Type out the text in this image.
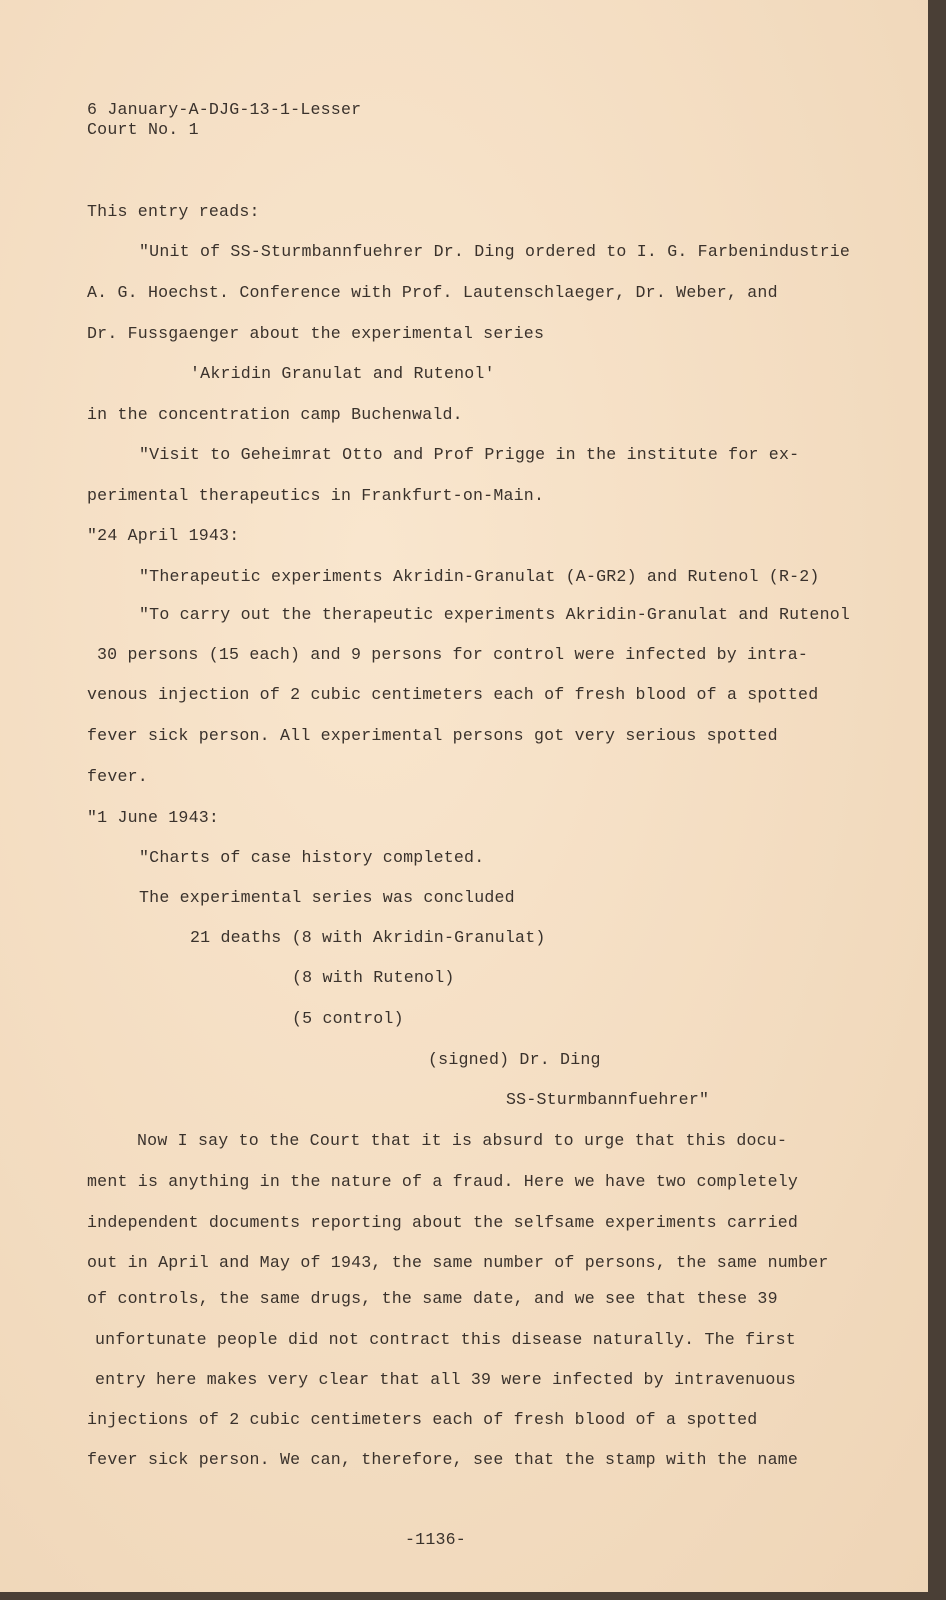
6 January-A-DJG-13-1-Lesser
Court No. 1
This entry reads:
"Unit of SS-Sturmbannfuehrer Dr. Ding ordered to I. G. Farbenindustrie
A. G. Hoechst. Conference with Prof. Lautenschlaeger, Dr. Weber, and
Dr. Fussgaenger about the experimental series
'Akridin Granulat and Rutenol'
in the concentration camp Buchenwald.
"Visit to Geheimrat Otto and Prof Prigge in the institute for ex-
perimental therapeutics in Frankfurt-on-Main.
"24 April 1943:
"Therapeutic experiments Akridin-Granulat (A-GR2) and Rutenol (R-2)
"To carry out the therapeutic experiments Akridin-Granulat and Rutenol
30 persons (15 each) and 9 persons for control were infected by intra-
venous injection of 2 cubic centimeters each of fresh blood of a spotted
fever sick person. All experimental persons got very serious spotted
fever.
"1 June 1943:
"Charts of case history completed.
The experimental series was concluded
21 deaths (8 with Akridin-Granulat)
(8 with Rutenol)
(5 control)
(signed) Dr. Ding
SS-Sturmbannfuehrer"
Now I say to the Court that it is absurd to urge that this docu-
ment is anything in the nature of a fraud. Here we have two completely
independent documents reporting about the selfsame experiments carried
out in April and May of 1943, the same number of persons, the same number
of controls, the same drugs, the same date, and we see that these 39
unfortunate people did not contract this disease naturally. The first
entry here makes very clear that all 39 were infected by intravenuous
injections of 2 cubic centimeters each of fresh blood of a spotted
fever sick person. We can, therefore, see that the stamp with the name
-1136-
